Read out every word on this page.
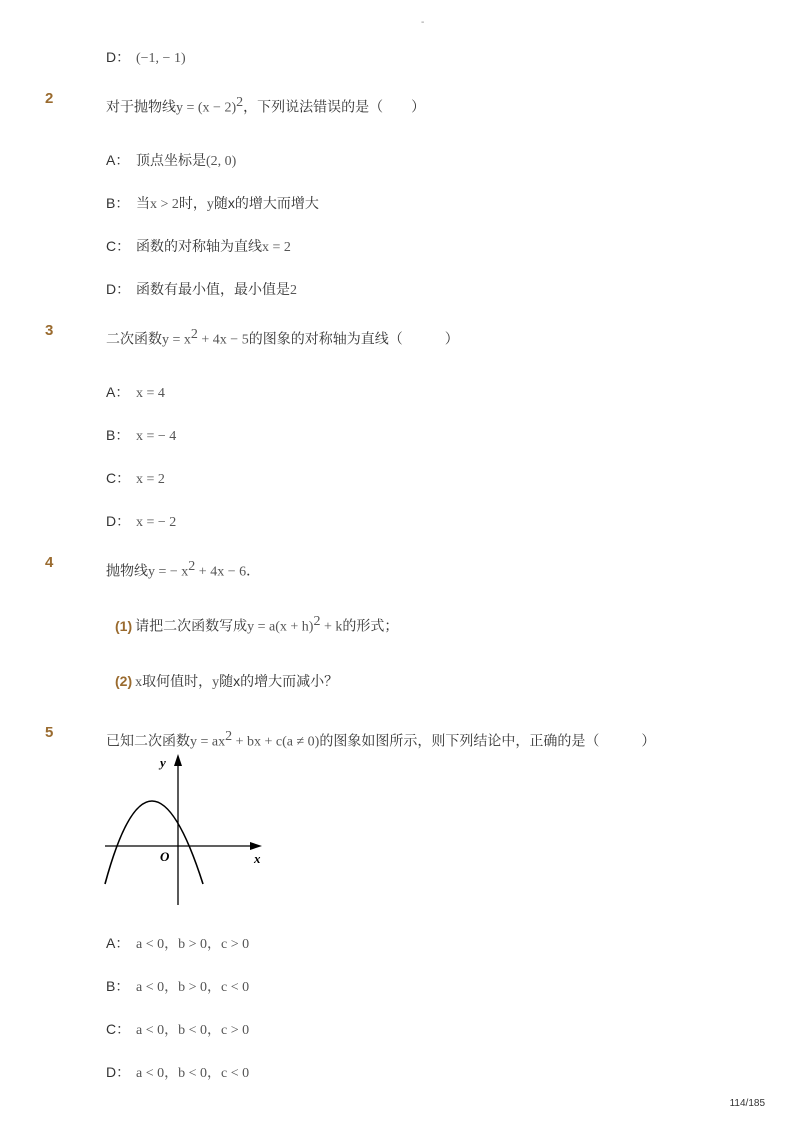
-
D： (−1, − 1)
2	对于抛物线$y = (x - 2)^2$，下列说法错误的是（　　）
A： 顶点坐标是(2, 0)
B： 当x > 2时，y随x的增大而增大
C： 函数的对称轴为直线x = 2
D： 函数有最小值，最小值是2
3	二次函数$y = x^2 + 4x - 5$的图象的对称轴为直线（　　　）
A： x = 4
B： x = − 4
C： x = 2
D： x = − 2
4	抛物线y = − $x^2 + 4x - 6$．
(1) 请把二次函数写成$y = a(x + h)^2 + k$的形式；
(2) x取何值时，y随x的增大而减小？
5	已知二次函数$y = ax^2$ + bx + c(a ≠ 0)的图象如图所示，则下列结论中，正确的是（　　　）
y
x
O
A： a < 0，b > 0，c > 0
B： a < 0，b > 0，c < 0
C： a < 0，b < 0，c > 0
D： a < 0，b < 0，c < 0
114/185
